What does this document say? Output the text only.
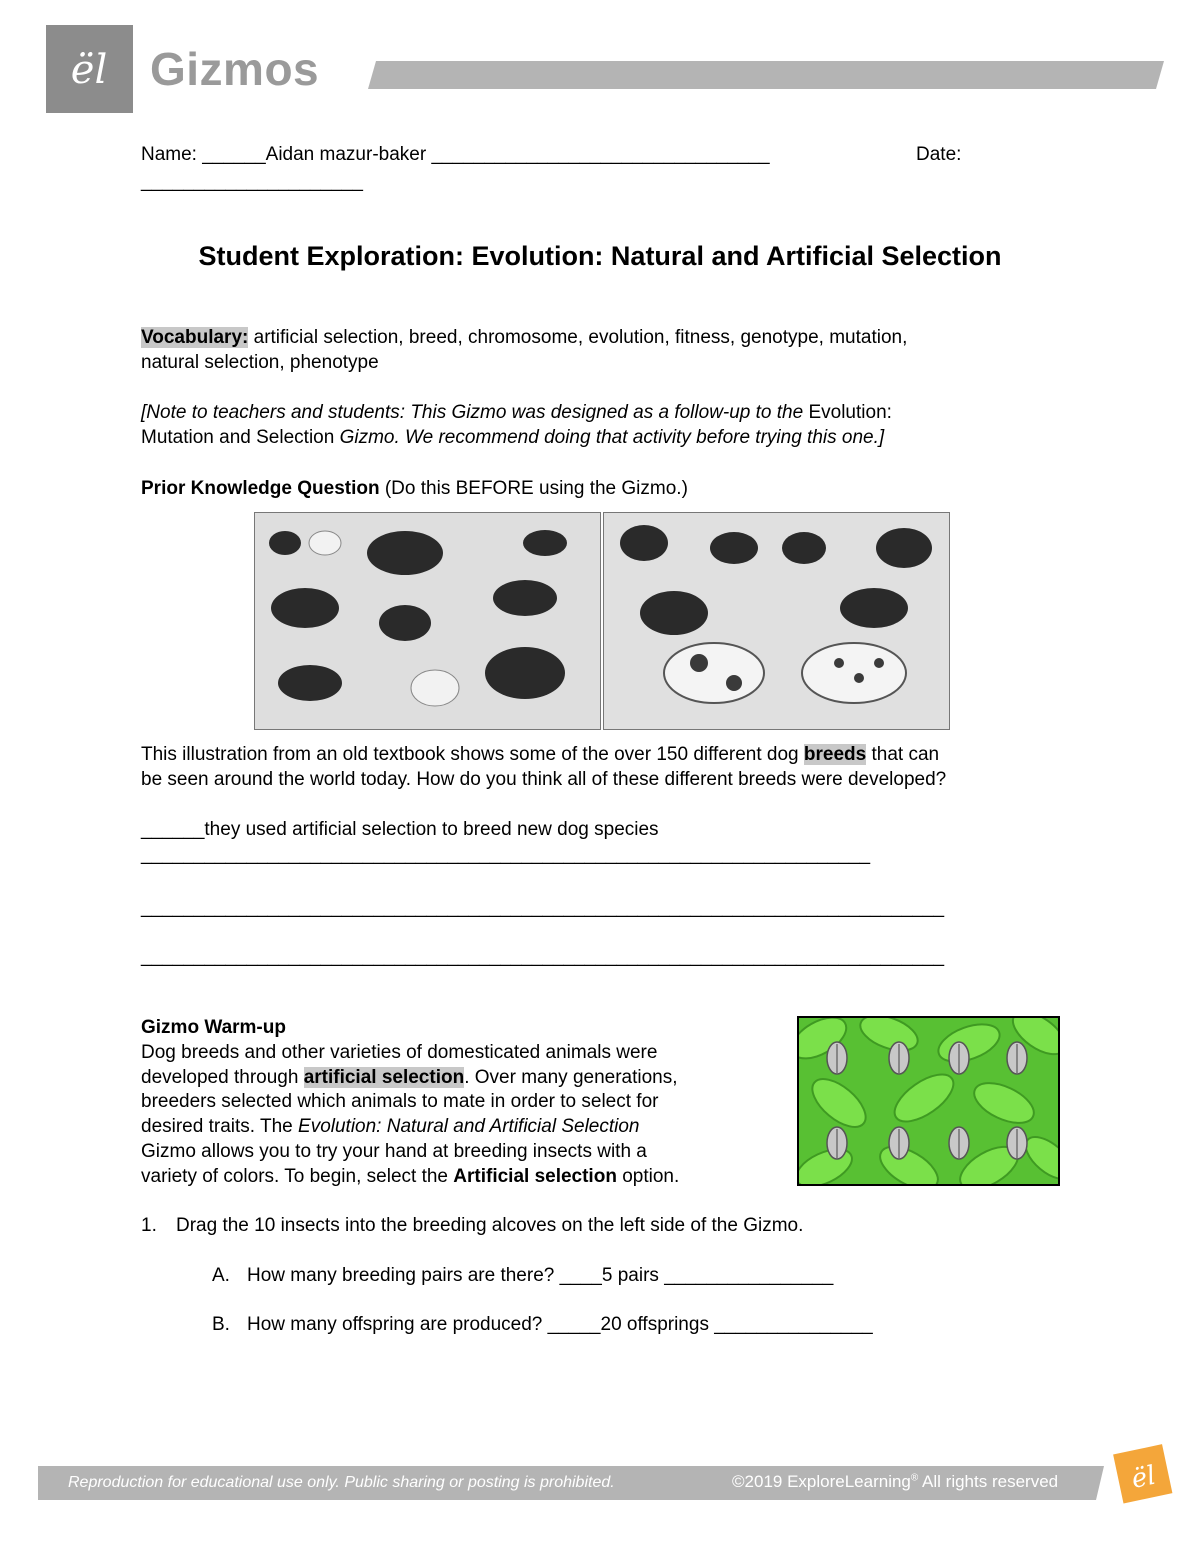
ël Gizmos
Name: ______Aidan mazur-baker ________________________________	Date:
_____________________
Student Exploration: Evolution: Natural and Artificial Selection
Vocabulary: artificial selection, breed, chromosome, evolution, fitness, genotype, mutation,
natural selection, phenotype
[Note to teachers and students: This Gizmo was designed as a follow-up to the Evolution:
Mutation and Selection Gizmo. We recommend doing that activity before trying this one.]
Prior Knowledge Question (Do this BEFORE using the Gizmo.)
This illustration from an old textbook shows some of the over 150 different dog breeds that can
be seen around the world today. How do you think all of these different breeds were developed?
______they used artificial selection to breed new dog species
_____________________________________________________________________
____________________________________________________________________________
____________________________________________________________________________
Gizmo Warm-up
Dog breeds and other varieties of domesticated animals were
developed through artificial selection. Over many generations,
breeders selected which animals to mate in order to select for
desired traits. The Evolution: Natural and Artificial Selection
Gizmo allows you to try your hand at breeding insects with a
variety of colors. To begin, select the Artificial selection option.
1. Drag the 10 insects into the breeding alcoves on the left side of the Gizmo.
A. How many breeding pairs are there? ____5 pairs ________________
B. How many offspring are produced? _____20 offsprings _______________
Reproduction for educational use only. Public sharing or posting is prohibited.	©2019 ExploreLearning® All rights reserved	ël
